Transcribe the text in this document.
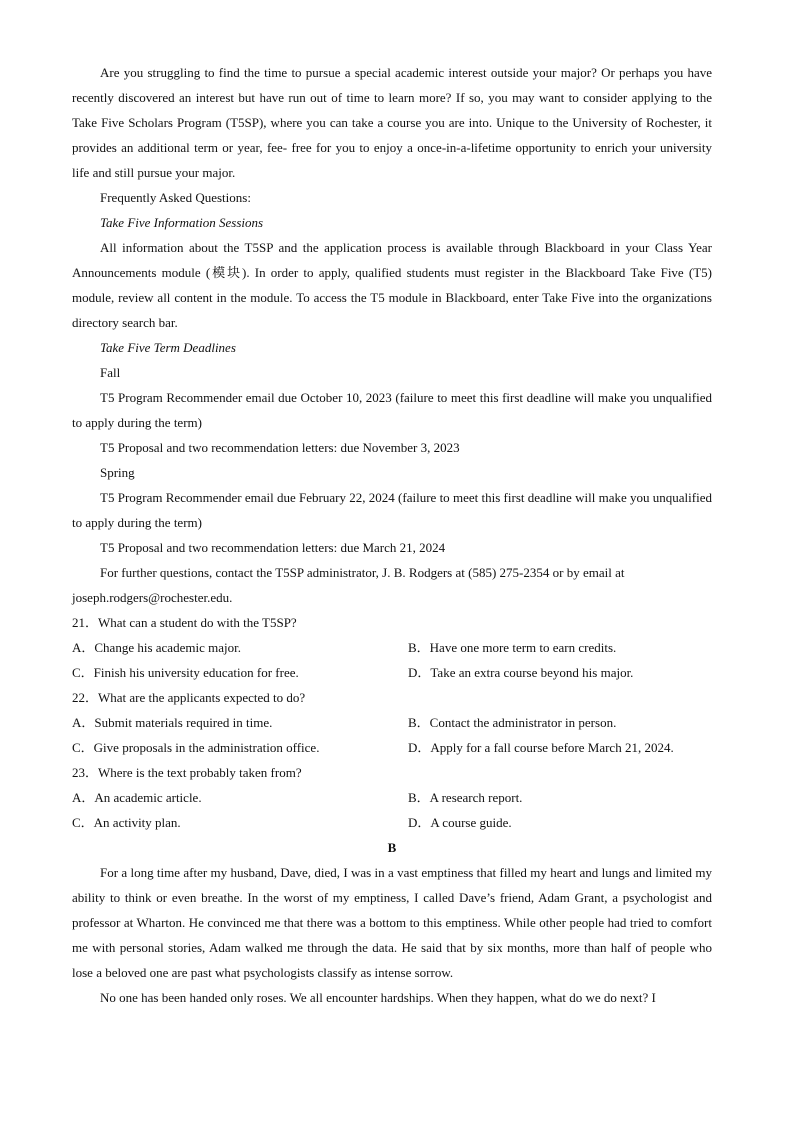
Are you struggling to find the time to pursue a special academic interest outside your major? Or perhaps you have recently discovered an interest but have run out of time to learn more? If so, you may want to consider applying to the Take Five Scholars Program (T5SP), where you can take a course you are into. Unique to the University of Rochester, it provides an additional term or year, fee- free for you to enjoy a once-in-a-lifetime opportunity to enrich your university life and still pursue your major.

Frequently Asked Questions:

Take Five Information Sessions

All information about the T5SP and the application process is available through Blackboard in your Class Year Announcements module (模块). In order to apply, qualified students must register in the Blackboard Take Five (T5) module, review all content in the module. To access the T5 module in Blackboard, enter Take Five into the organizations directory search bar.

Take Five Term Deadlines

Fall

T5 Program Recommender email due October 10, 2023 (failure to meet this first deadline will make you unqualified to apply during the term)

T5 Proposal and two recommendation letters: due November 3, 2023

Spring

T5 Program Recommender email due February 22, 2024 (failure to meet this first deadline will make you unqualified to apply during the term)

T5 Proposal and two recommendation letters: due March 21, 2024

For further questions, contact the T5SP administrator, J. B. Rodgers at (585) 275-2354 or by email at joseph.rodgers@rochester.edu.

21．What can a student do with the T5SP?

A．Change his academic major.	B．Have one more term to earn credits.
C．Finish his university education for free.	D．Take an extra course beyond his major.

22．What are the applicants expected to do?

A．Submit materials required in time.	B．Contact the administrator in person.
C．Give proposals in the administration office.	D．Apply for a fall course before March 21, 2024.

23．Where is the text probably taken from?

A．An academic article.	B．A research report.
C．An activity plan.	D．A course guide.

B

For a long time after my husband, Dave, died, I was in a vast emptiness that filled my heart and lungs and limited my ability to think or even breathe. In the worst of my emptiness, I called Dave’s friend, Adam Grant, a psychologist and professor at Wharton. He convinced me that there was a bottom to this emptiness. While other people had tried to comfort me with personal stories, Adam walked me through the data. He said that by six months, more than half of people who lose a beloved one are past what psychologists classify as intense sorrow.

No one has been handed only roses. We all encounter hardships. When they happen, what do we do next? I
